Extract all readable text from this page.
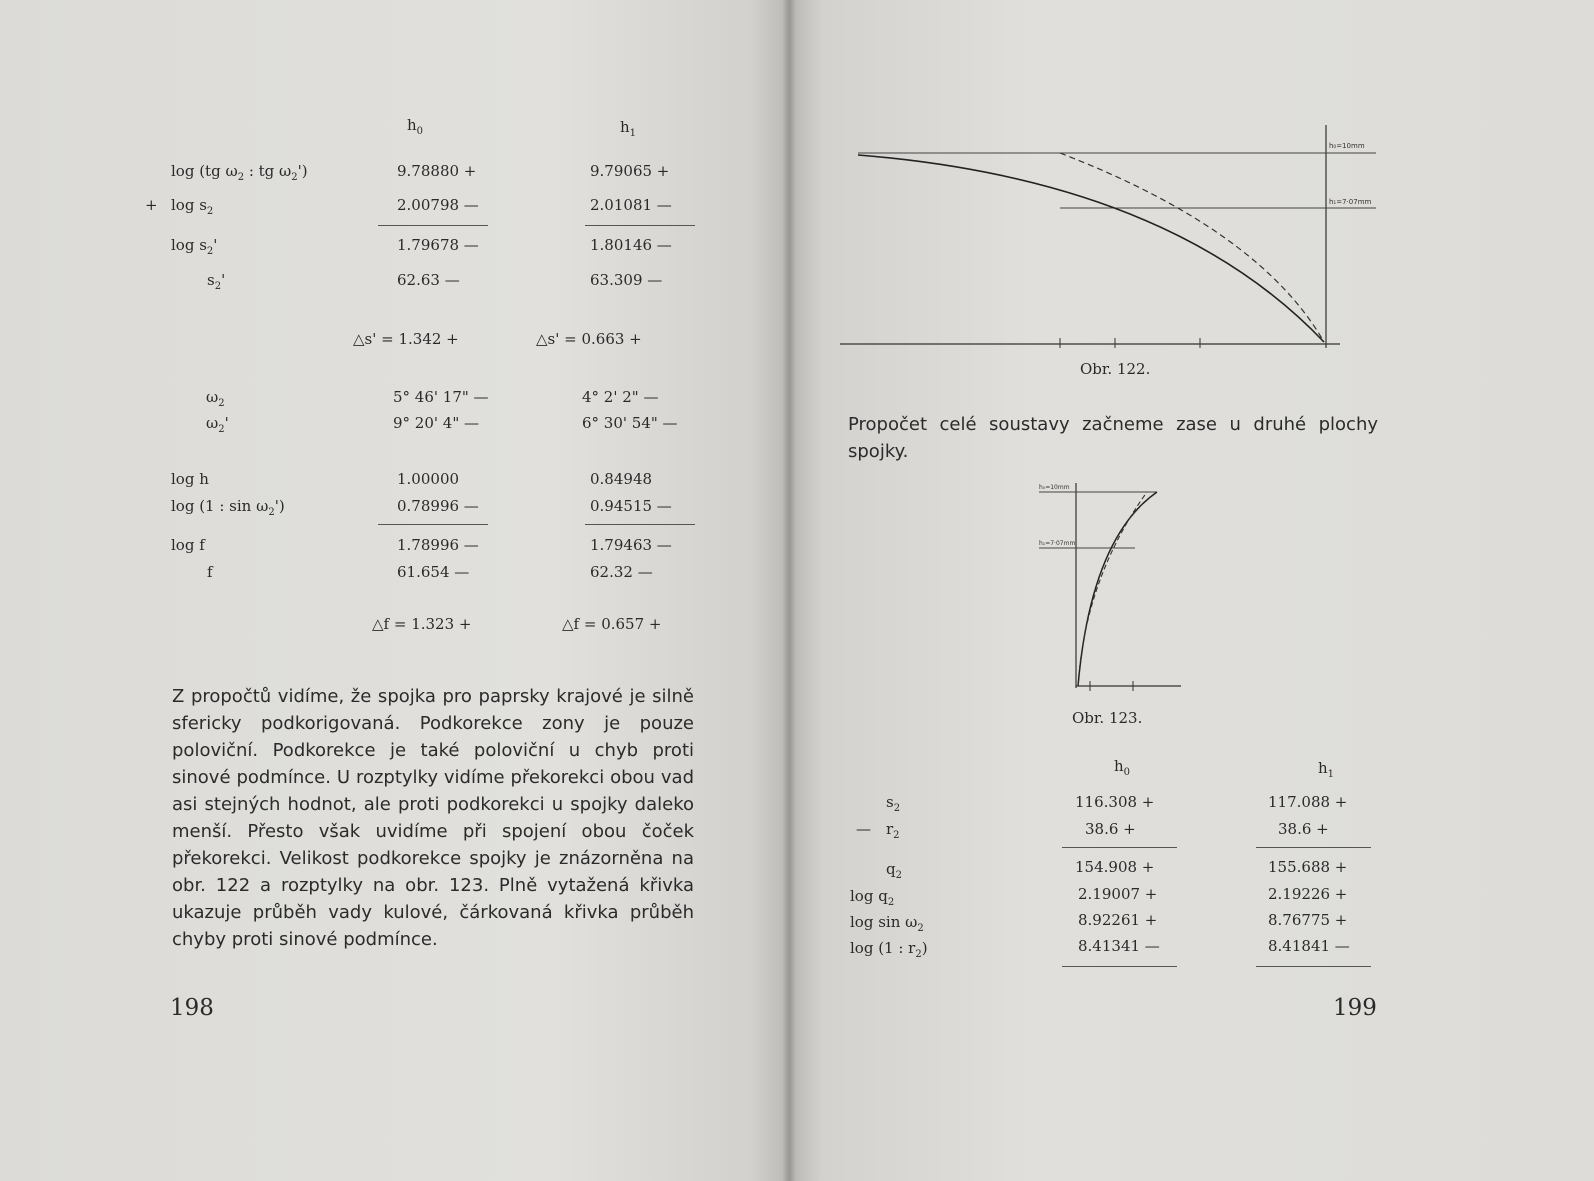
$h_0$	$h_1$
log (tg $\omega_2$ : tg $\omega_2'$)	9.78880 +	9.79065 +
+ $\log s_2$	2.00798 —	2.01081 —
$\log s_2'$	1.79678 —	1.80146 —
$s_2'$	62.63 —	63.309 —
△s' = 1.342 +	△s' = 0.663 +
$\omega_2$	5° 46' 17" —	4° 2' 2" —
$\omega_2'$	9° 20' 4" —	6° 30' 54" —
log h	1.00000	0.84948
log (1 : $\sin \omega_2'$)	0.78996 —	0.94515 —
log f	1.78996 —	1.79463 —
f	61.654 —	62.32 —
△f = 1.323 +	△f = 0.657 +
Z propočtů vidíme, že spojka pro paprsky krajové je silně sfericky podkorigovaná. Podkorekce zony je pouze poloviční. Podkorekce je také poloviční u chyb proti sinové podmínce. U rozptylky vidíme překorekci obou vad asi stejných hodnot, ale proti podkorekci u spojky daleko menší. Přesto však uvidíme při spojení obou čoček překorekci. Velikost podkorekce spojky je znázorněna na obr. 122 a rozptylky na obr. 123. Plně vytažená křivka ukazuje průběh vady kulové, čárkovaná křivka průběh chyby proti sinové podmínce.
198
h₀=10mm
h₁=7·07mm
Obr. 122.
Propočet celé soustavy začneme zase u druhé plochy spojky.
h₀=10mm
h₁=7·07mm
Obr. 123.
$h_0$	$h_1$
$s_2$	116.308 +	117.088 +
— $r_2$	38.6 +	38.6 +
$q_2$	154.908 +	155.688 +
$\log q_2$	2.19007 +	2.19226 +
$\log \sin \omega_2$	8.92261 +	8.76775 +
log (1 : $r_2$)	8.41341 —	8.41841 —
199
